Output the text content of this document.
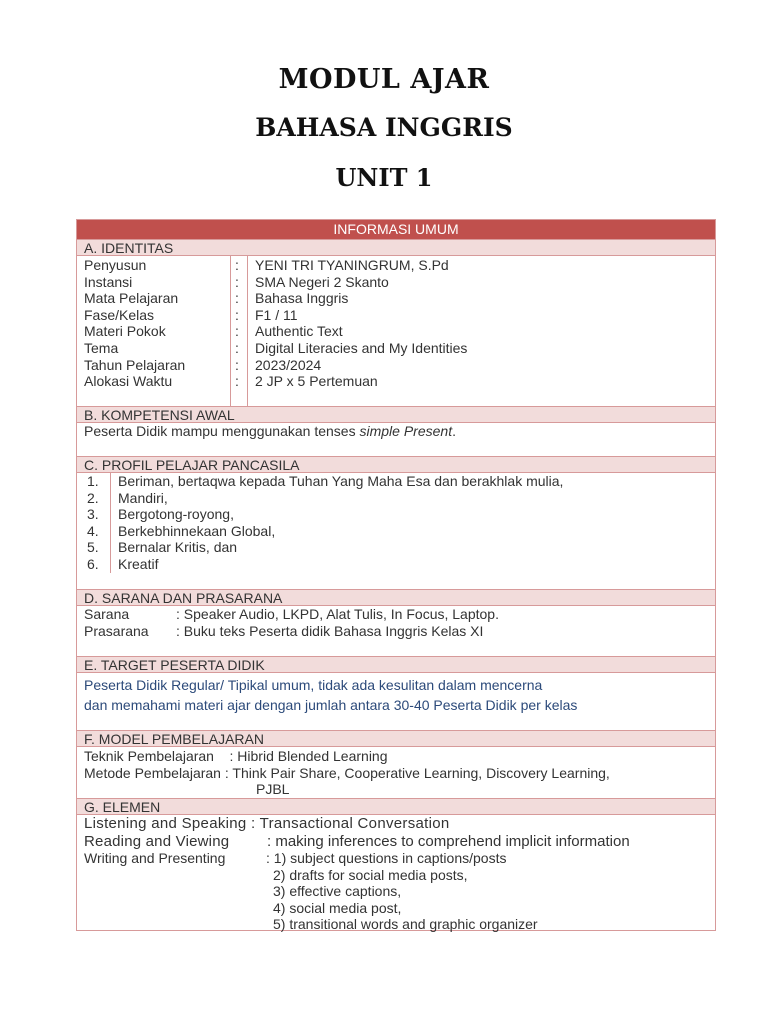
MODUL AJAR
BAHASA INGGRIS
UNIT 1
INFORMASI UMUM
A. IDENTITAS
Penyusun	: YENI TRI TYANINGRUM, S.Pd
Instansi	: SMA Negeri 2 Skanto
Mata Pelajaran	: Bahasa Inggris
Fase/Kelas	: F1 / 11
Materi Pokok	: Authentic Text
Tema	: Digital Literacies and My Identities
Tahun Pelajaran	: 2023/2024
Alokasi Waktu	: 2 JP x 5 Pertemuan
B. KOMPETENSI AWAL
Peserta Didik mampu menggunakan tenses simple Present.
C. PROFIL PELAJAR PANCASILA
1. Beriman, bertaqwa kepada Tuhan Yang Maha Esa dan berakhlak mulia,
2. Mandiri,
3. Bergotong-royong,
4. Berkebhinnekaan Global,
5. Bernalar Kritis, dan
6. Kreatif
D. SARANA DAN PRASARANA
Sarana	: Speaker Audio, LKPD, Alat Tulis, In Focus, Laptop.
Prasarana : Buku teks Peserta didik Bahasa Inggris Kelas XI
E. TARGET PESERTA DIDIK
Peserta Didik Regular/ Tipikal umum, tidak ada kesulitan dalam mencerna
dan memahami materi ajar dengan jumlah antara 30-40 Peserta Didik per kelas
F. MODEL PEMBELAJARAN
Teknik Pembelajaran    : Hibrid Blended Learning
Metode Pembelajaran : Think Pair Share, Cooperative Learning, Discovery Learning,
PJBL
G. ELEMEN
Listening and Speaking : Transactional Conversation
Reading and Viewing	: making inferences to comprehend implicit information
Writing and Presenting	: 1) subject questions in captions/posts
2) drafts for social media posts,
3) effective captions,
4) social media post,
5) transitional words and graphic organizer
